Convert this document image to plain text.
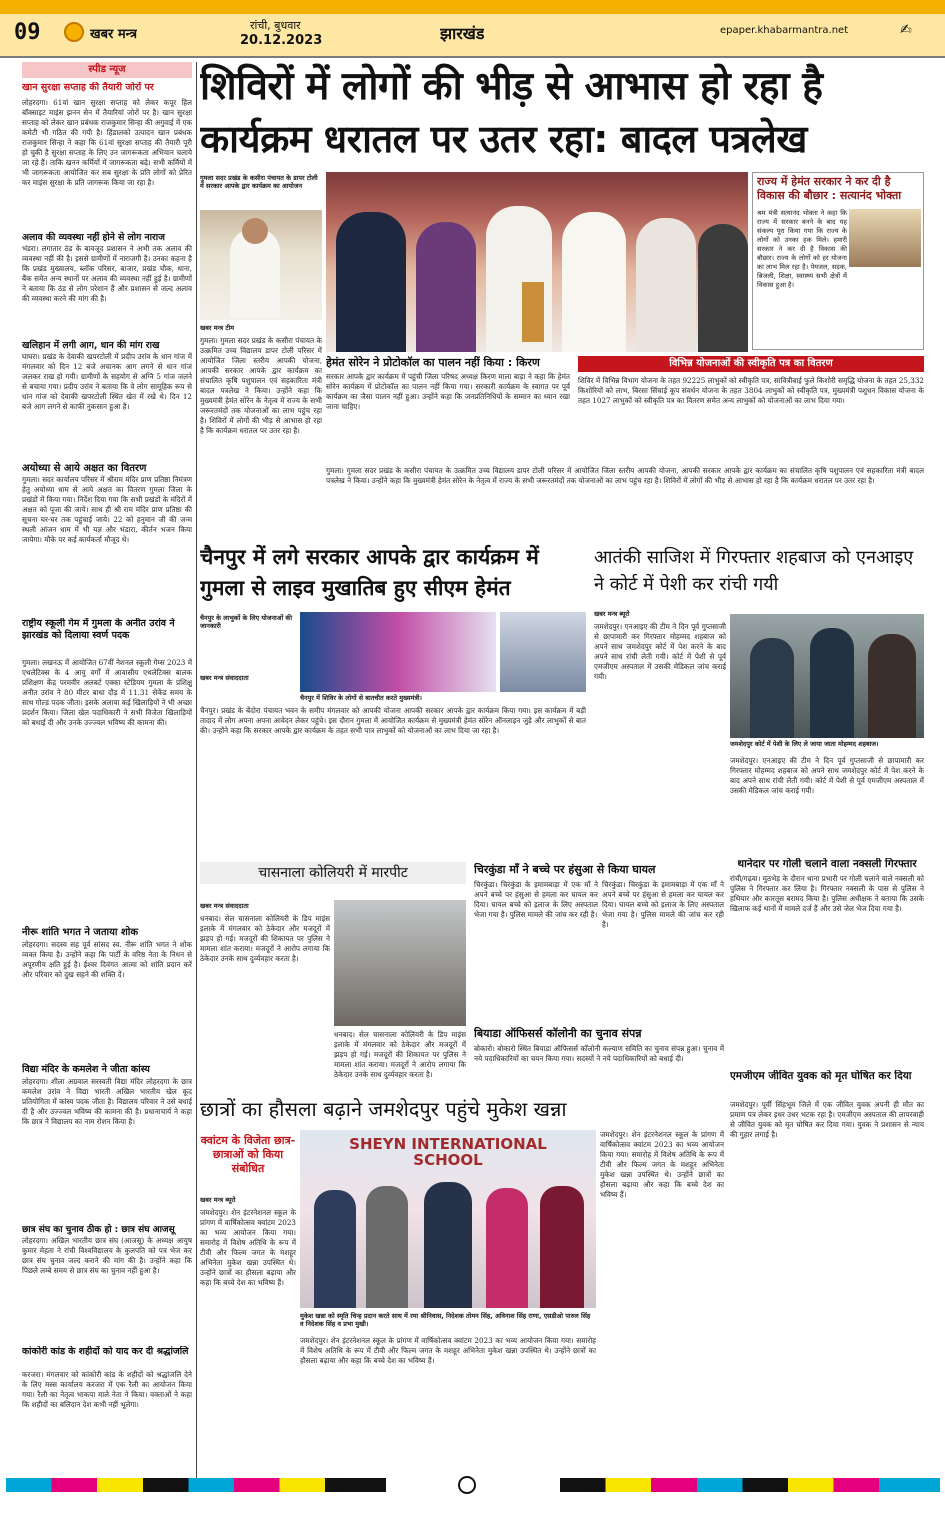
09	खबर मन्त्र
रांची, बुधवार
20.12.2023	झारखंड	epaper.khabarmantra.net	✍
स्पीड न्यूज
खान सुरक्षा सप्ताह की तैयारी जोरों पर
लोहरदगा। 61वां खान सुरक्षा सप्ताह को लेकर कपूर हिल बॉक्साइट माइंस झनन सेन में तैयारियां जोरों पर है। खान सुरक्षा सप्ताह को लेकर खान प्रबंधक राजकुमार सिन्हा की अगुवाई में एक कमेटी भी गठित की गयी है। हिंडालको उत्पादन खान प्रबंधक राजकुमार सिन्हा ने कहा कि 61वां सुरक्षा सप्ताह की तैयारी पूरी हो चुकी है सुरक्षा सप्ताह के लिए उन जागरूकता अभियान चलाये जा रहे हैं। ताकि खनन कर्मियों में जागरूकता बढ़े। सभी कर्मियों में भी जागरूकता आयोजित कर सब सुरक्षा के प्रति लोगों को प्रेरित कर माइंस सुरक्षा के प्रति जागरूक किया जा रहा है।
अलाव की व्यवस्था नहीं होने से लोग नाराज
भंडरा। लगातार ठंड के बावजूद प्रशासन ने अभी तक अलाव की व्यवस्था नहीं की है। इससे ग्रामीणों में नाराजगी है। उनका कहना है कि प्रखंड मुख्यालय, ब्लॉक परिसर, बाजार, प्रखंड चौक, थाना, बैंक समेत अन्य स्थानों पर अलाव की व्यवस्था नहीं हुई है। ग्रामीणों ने बताया कि ठंड से लोग परेशान हैं और प्रशासन से जल्द अलाव की व्यवस्था करने की मांग की है।
खलिहान में लगी आग, धान की मांग राख
घाघरा। प्रखंड के देवाकी खपरटोली में प्रदीप उरांव के धान गांज में मंगलवार को दिन 12 बजे अचानक आग लगने से धान गांज जलकर राख हो गयी। ग्रामीणों के सहयोग से अग्नि 5 गांज जलने से बचाया गया। प्रदीप उरांव ने बताया कि वे लोग सामूहिक रूप से धान गांज को देवाकी खपरटोली स्थित खेत में रखे थे। दिन 12 बजे आग लगने से काफी नुकसान हुआ है।
अयोध्या से आये अक्षत का वितरण
गुमला। सदर कार्यालय परिसर में श्रीराम मंदिर प्राण प्रतिष्ठा निमंत्रण हेतु अयोध्या धाम से आये अक्षत का वितरण गुमला जिला के प्रखंडों में किया गया। निर्देश दिया गया कि सभी प्रखंडों के मंदिरों में अक्षत को पूजा की जाये। साथ ही श्री राम मंदिर प्राण प्रतिष्ठा की सूचना घर-घर तक पहुंचाई जाये। 22 को हनुमान जी की जन्म स्थली आंजन धाम में भी यज्ञ और भंडारा, कीर्तन भजन किया जायेगा। मौके पर कई कार्यकर्ता मौजूद थे।
राष्ट्रीय स्कूली गेम में गुमला के अनीत उरांव ने झारखंड को दिलाया स्वर्ण पदक
गुमला। लखनऊ में आयोजित 67वीं नेशनल स्कूली गेम्स 2023 में एथलेटिक्स के 4 आयु वर्गों में आवासीय एथलेटिक्स बालक प्रशिक्षण केंद्र परमवीर अलबर्ट एक्का स्टेडियम गुमला के प्रशिक्षु अनीत उरांव ने 80 मीटर बाधा दौड़ में 11.31 सेकेंड समय के साथ गोल्ड पदक जीता। इसके अलावा कई खिलाड़ियों ने भी अच्छा प्रदर्शन किया। जिला खेल पदाधिकारी ने सभी विजेता खिलाड़ियों को बधाई दी और उनके उज्ज्वल भविष्य की कामना की।
नीरू शांति भगत ने जताया शोक
लोहरदगा। सदस्य सह पूर्व सांसद स्व. नीरू शांति भगत ने शोक व्यक्त किया है। उन्होंने कहा कि पार्टी के वरिष्ठ नेता के निधन से अपूरणीय क्षति हुई है। ईश्वर दिवंगत आत्मा को शांति प्रदान करें और परिवार को दुख सहने की शक्ति दें।
विद्या मंदिर के कमलेश ने जीता कांस्य
लोहरदगा। शीला अग्रवाल सरस्वती विद्या मंदिर लोहरदगा के छात्र कमलेश उरांव ने विद्या भारती अखिल भारतीय खेल कूद प्रतियोगिता में कांस्य पदक जीता है। विद्यालय परिवार ने उसे बधाई दी है और उज्ज्वल भविष्य की कामना की है। प्रधानाचार्य ने कहा कि छात्र ने विद्यालय का नाम रोशन किया है।
छात्र संघ का चुनाव ठीक हो : छात्र संघ आजसू
लोहरदगा। अखिल भारतीय छात्र संघ (आजसू) के अध्यक्ष आयुष कुमार मेहता ने रांची विश्वविद्यालय के कुलपति को पत्र भेज कर छात्र संघ चुनाव जल्द कराने की मांग की है। उन्होंने कहा कि पिछले लम्बे समय से छात्र संघ का चुनाव नहीं हुआ है।
कांकोरी कांड के शहीदों को याद कर दी श्रद्धांजलि
करजरा। मंगलवार को कांकोरी कांड के शहीदों को श्रद्धांजलि देने के लिए मस्स कार्यालय करजरा में एक रैली का आयोजन किया गया। रैली का नेतृत्व भाकपा माले नेता ने किया। वक्ताओं ने कहा कि शहीदों का बलिदान देश कभी नहीं भूलेगा।
शिविरों में लोगों की भीड़ से आभास हो रहा है
कार्यक्रम धरातल पर उतर रहा: बादल पत्रलेख
गुमला सदर प्रखंड के कसीरा पंचायत के डापर टोली में सरकार आपके द्वार कार्यक्रम का आयोजन
खबर मन्त्र टीम
गुमला। गुमला सदर प्रखंड के कसीरा पंचायत के उत्क्रमित उच्च विद्यालय डापर टोली परिसर में आयोजित जिला स्तरीय आपकी योजना, आपकी सरकार आपके द्वार कार्यक्रम का संचालित कृषि पशुपालन एवं सहकारिता मंत्री बादल पत्रलेख ने किया। उन्होंने कहा कि मुख्यमंत्री हेमंत सोरेन के नेतृत्व में राज्य के सभी जरूरतमंदों तक योजनाओं का लाभ पहुंच रहा है। शिविरों में लोगों की भीड़ से आभास हो रहा है कि कार्यक्रम धरातल पर उतर रहा है।
राज्य में हेमंत सरकार ने कर दी है विकास की बौछार : सत्यानंद भोक्ता
श्रम मंत्री सत्यानंद भोक्ता ने कहा कि राज्य में सरकार बनने के बाद यह संकल्प पूरा किया गया कि राज्य के लोगों को उनका हक मिले। हमारी सरकार ने कर दी है विकास की बौछार। राज्य के लोगों को हर योजना का लाभ मिल रहा है। पेयजल, सड़क, बिजली, शिक्षा, स्वास्थ्य सभी क्षेत्रों में विकास हुआ है।
हेमंत सोरेन ने प्रोटोकॉल का पालन नहीं किया : किरण
सरकार आपके द्वार कार्यक्रम में पहुंची जिला परिषद अध्यक्ष किरण माला बाड़ा ने कहा कि हेमंत सोरेन कार्यक्रम में प्रोटोकॉल का पालन नहीं किया गया। सरकारी कार्यक्रम के स्वागत पर पूर्व कार्यक्रम का जैसा पालन नहीं हुआ। उन्होंने कहा कि जनप्रतिनिधियों के सम्मान का ध्यान रखा जाना चाहिए।
विभिन्न योजनाओं की स्वीकृति पत्र का वितरण
शिविर में विभिन्न विभाग योजना के तहत 92225 लाभुकों को स्वीकृति पत्र, सावित्रीबाई फुले किशोरी समृद्धि योजना के तहत 25,332 किशोरियों को लाभ, बिरसा सिंचाई कूप संवर्धन योजना के तहत 3804 लाभुकों को स्वीकृति पत्र, मुख्यमंत्री पशुधन विकास योजना के तहत 1027 लाभुकों को स्वीकृति पत्र का वितरण समेत अन्य लाभुकों को योजनाओं का लाभ दिया गया।
गुमला। गुमला सदर प्रखंड के कसीरा पंचायत के उत्क्रमित उच्च विद्यालय डापर टोली परिसर में आयोजित जिला स्तरीय आपकी योजना, आपकी सरकार आपके द्वार कार्यक्रम का संचालित कृषि पशुपालन एवं सहकारिता मंत्री बादल पत्रलेख ने किया। उन्होंने कहा कि मुख्यमंत्री हेमंत सोरेन के नेतृत्व में राज्य के सभी जरूरतमंदों तक योजनाओं का लाभ पहुंच रहा है। शिविरों में लोगों की भीड़ से आभास हो रहा है कि कार्यक्रम धरातल पर उतर रहा है।
चैनपुर में लगे सरकार आपके द्वार कार्यक्रम में गुमला से लाइव मुखातिब हुए सीएम हेमंत
चैनपुर के लाभुकों के लिए योजनाओं की जानकारी
चैनपुर में शिविर के लोगों से बातचीत करते मुख्यमंत्री।
खबर मन्त्र संवाददाता
चैनपुर। प्रखंड के बेंदोरा पंचायत भवन के समीप मंगलवार को आपकी योजना आपकी सरकार आपके द्वार कार्यक्रम किया गया। इस कार्यक्रम में बड़ी तादाद में लोग अपना अपना आवेदन लेकर पहुंचे। इस दौरान गुमला में आयोजित कार्यक्रम से मुख्यमंत्री हेमंत सोरेन ऑनलाइन जुड़े और लाभुकों से बात की। उन्होंने कहा कि सरकार आपके द्वार कार्यक्रम के तहत सभी पात्र लाभुकों को योजनाओं का लाभ दिया जा रहा है।
आतंकी साजिश में गिरफ्तार शहबाज को एनआइए ने कोर्ट में पेशी कर रांची गयी
खबर मन्त्र ब्यूरो
जमशेदपुर। एनआइए की टीम ने दिन पूर्व गुप्तसाजी से छापामारी कर गिरफ्तार मोहम्मद शहबाज को अपने साथ जमशेदपुर कोर्ट में पेश करने के बाद अपने साथ रांची लेती गयी। कोर्ट में पेशी से पूर्व एमजीएम अस्पताल में उसकी मेडिकल जांच कराई गयी।
जमशेदपुर कोर्ट में पेशी के लिए ले जाया जाता मोहम्मद शहबाज।
जमशेदपुर। एनआइए की टीम ने दिन पूर्व गुप्तसाजी से छापामारी कर गिरफ्तार मोहम्मद शहबाज को अपने साथ जमशेदपुर कोर्ट में पेश करने के बाद अपने साथ रांची लेती गयी। कोर्ट में पेशी से पूर्व एमजीएम अस्पताल में उसकी मेडिकल जांच कराई गयी।
थानेदार पर गोली चलाने वाला नक्सली गिरफ्तार
रांची/गढ़वा। मुठभेड़ के दौरान थाना प्रभारी पर गोली चलाने वाले नक्सली को पुलिस ने गिरफ्तार कर लिया है। गिरफ्तार नक्सली के पास से पुलिस ने हथियार और कारतूस बरामद किया है। पुलिस अधीक्षक ने बताया कि उसके खिलाफ कई थानों में मामले दर्ज हैं और उसे जेल भेज दिया गया है।
चासनाला कोलियरी में मारपीट
खबर मन्त्र संवाददाता
धनबाद। सेल चासनाला कोलियरी के डिप माइंस इलाके में मंगलवार को ठेकेदार और मजदूरों में झड़प हो गई। मजदूरों की शिकायत पर पुलिस ने मामला शांत कराया। मजदूरों ने आरोप लगाया कि ठेकेदार उनके साथ दुर्व्यवहार करता है।
धनबाद। सेल चासनाला कोलियरी के डिप माइंस इलाके में मंगलवार को ठेकेदार और मजदूरों में झड़प हो गई। मजदूरों की शिकायत पर पुलिस ने मामला शांत कराया। मजदूरों ने आरोप लगाया कि ठेकेदार उनके साथ दुर्व्यवहार करता है।
चिरकुंडा माँ ने बच्चे पर हंसुआ से किया घायल
चिरकुंडा। चिरकुंडा के इमामबाड़ा में एक माँ ने अपने बच्चे पर हंसुआ से हमला कर घायल कर दिया। घायल बच्चे को इलाज के लिए अस्पताल भेजा गया है। पुलिस मामले की जांच कर रही है।
चिरकुंडा। चिरकुंडा के इमामबाड़ा में एक माँ ने अपने बच्चे पर हंसुआ से हमला कर घायल कर दिया। घायल बच्चे को इलाज के लिए अस्पताल भेजा गया है। पुलिस मामले की जांच कर रही है।
बियाडा ऑफिसर्स कॉलोनी का चुनाव संपन्न
बोकारो। बोकारो स्थित बियाडा ऑफिसर्स कॉलोनी कल्याण समिति का चुनाव संपन्न हुआ। चुनाव में नये पदाधिकारियों का चयन किया गया। सदस्यों ने नये पदाधिकारियों को बधाई दी।
छात्रों का हौसला बढ़ाने जमशेदपुर पहुंचे मुकेश खन्ना
क्वांटम के विजेता छात्र-छात्राओं को किया संबोधित
खबर मन्त्र ब्यूरो
जमशेदपुर। शेन इंटरनेशनल स्कूल के प्रांगण में वार्षिकोत्सव क्वांटम 2023 का भव्य आयोजन किया गया। समारोह में विशेष अतिथि के रूप में टीवी और फिल्म जगत के मशहूर अभिनेता मुकेश खन्ना उपस्थित थे। उन्होंने छात्रों का हौसला बढ़ाया और कहा कि बच्चे देश का भविष्य हैं।
SHEYN INTERNATIONAL SCHOOL
मुकेश खन्ना को स्मृति चिन्ह प्रदान करते साथ में रमा श्रीनिवास, निदेशक तोमन सिंह, अविनाश सिंह राणा, एसडीओ पारुल सिंह व निदेशक सिंह व प्रभा मुखी।
जमशेदपुर। शेन इंटरनेशनल स्कूल के प्रांगण में वार्षिकोत्सव क्वांटम 2023 का भव्य आयोजन किया गया। समारोह में विशेष अतिथि के रूप में टीवी और फिल्म जगत के मशहूर अभिनेता मुकेश खन्ना उपस्थित थे। उन्होंने छात्रों का हौसला बढ़ाया और कहा कि बच्चे देश का भविष्य हैं।
जमशेदपुर। शेन इंटरनेशनल स्कूल के प्रांगण में वार्षिकोत्सव क्वांटम 2023 का भव्य आयोजन किया गया। समारोह में विशेष अतिथि के रूप में टीवी और फिल्म जगत के मशहूर अभिनेता मुकेश खन्ना उपस्थित थे। उन्होंने छात्रों का हौसला बढ़ाया और कहा कि बच्चे देश का भविष्य हैं।
एमजीएम जीवित युवक को मृत घोषित कर दिया
जमशेदपुर। पूर्वी सिंहभूम जिले में एक जीवित युवक अपनी ही मौत का प्रमाण पत्र लेकर इधर उधर भटक रहा है। एमजीएम अस्पताल की लापरवाही से जीवित युवक को मृत घोषित कर दिया गया। युवक ने प्रशासन से न्याय की गुहार लगाई है।
